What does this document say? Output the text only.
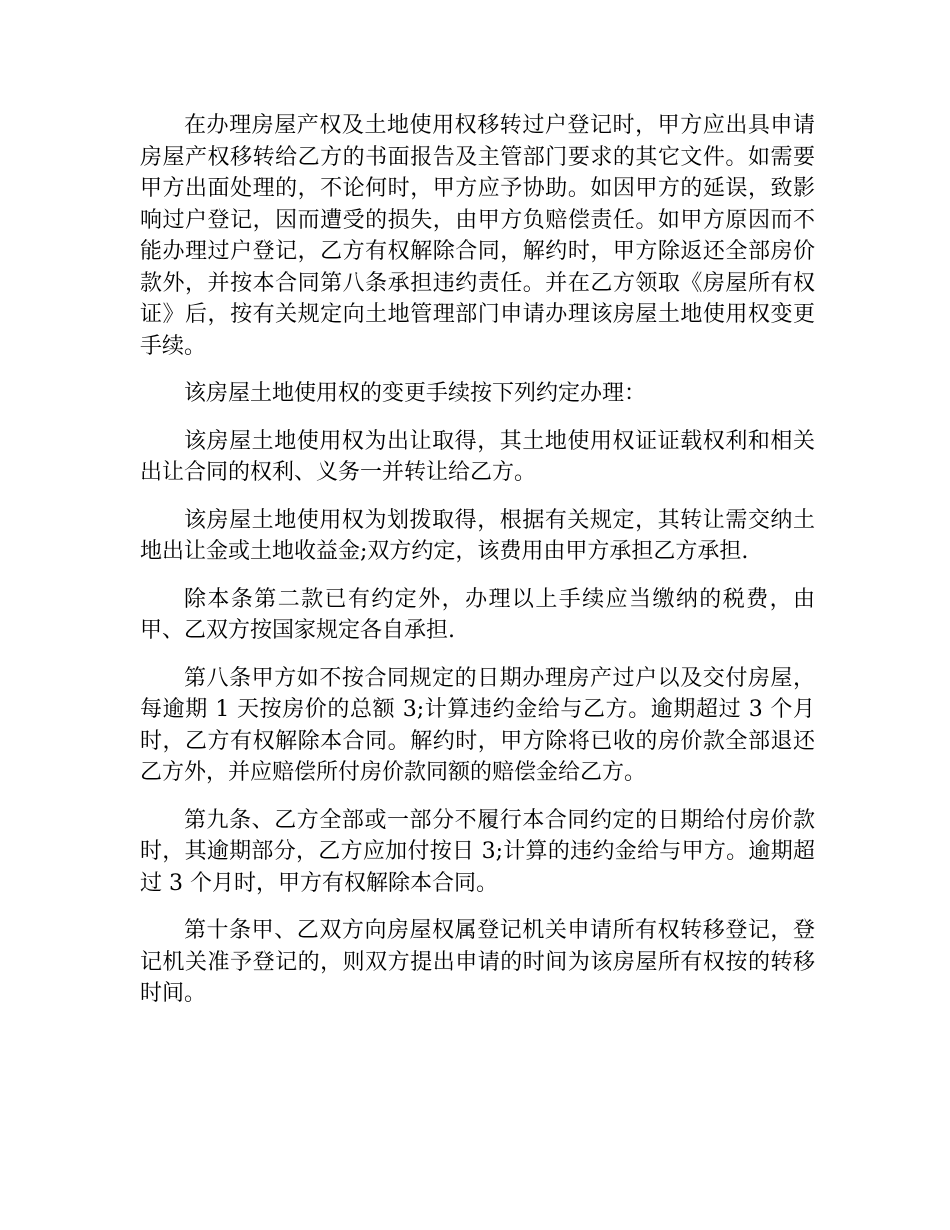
在办理房屋产权及土地使用权移转过户登记时，甲方应出具申请房屋产权移转给乙方的书面报告及主管部门要求的其它文件。如需要甲方出面处理的，不论何时，甲方应予协助。如因甲方的延误，致影响过户登记，因而遭受的损失，由甲方负赔偿责任。如甲方原因而不能办理过户登记，乙方有权解除合同，解约时，甲方除返还全部房价款外，并按本合同第八条承担违约责任。并在乙方领取《房屋所有权证》后，按有关规定向土地管理部门申请办理该房屋土地使用权变更手续。

该房屋土地使用权的变更手续按下列约定办理：

该房屋土地使用权为出让取得，其土地使用权证证载权利和相关出让合同的权利、义务一并转让给乙方。

该房屋土地使用权为划拨取得，根据有关规定，其转让需交纳土地出让金或土地收益金;双方约定，该费用由甲方承担乙方承担.

除本条第二款已有约定外，办理以上手续应当缴纳的税费，由甲、乙双方按国家规定各自承担.

第八条甲方如不按合同规定的日期办理房产过户以及交付房屋，每逾期 1 天按房价的总额 3;计算违约金给与乙方。逾期超过 3 个月时，乙方有权解除本合同。解约时，甲方除将已收的房价款全部退还乙方外，并应赔偿所付房价款同额的赔偿金给乙方。

第九条、乙方全部或一部分不履行本合同约定的日期给付房价款时，其逾期部分，乙方应加付按日 3;计算的违约金给与甲方。逾期超过 3 个月时，甲方有权解除本合同。

第十条甲、乙双方向房屋权属登记机关申请所有权转移登记，登记机关准予登记的，则双方提出申请的时间为该房屋所有权按的转移时间。
